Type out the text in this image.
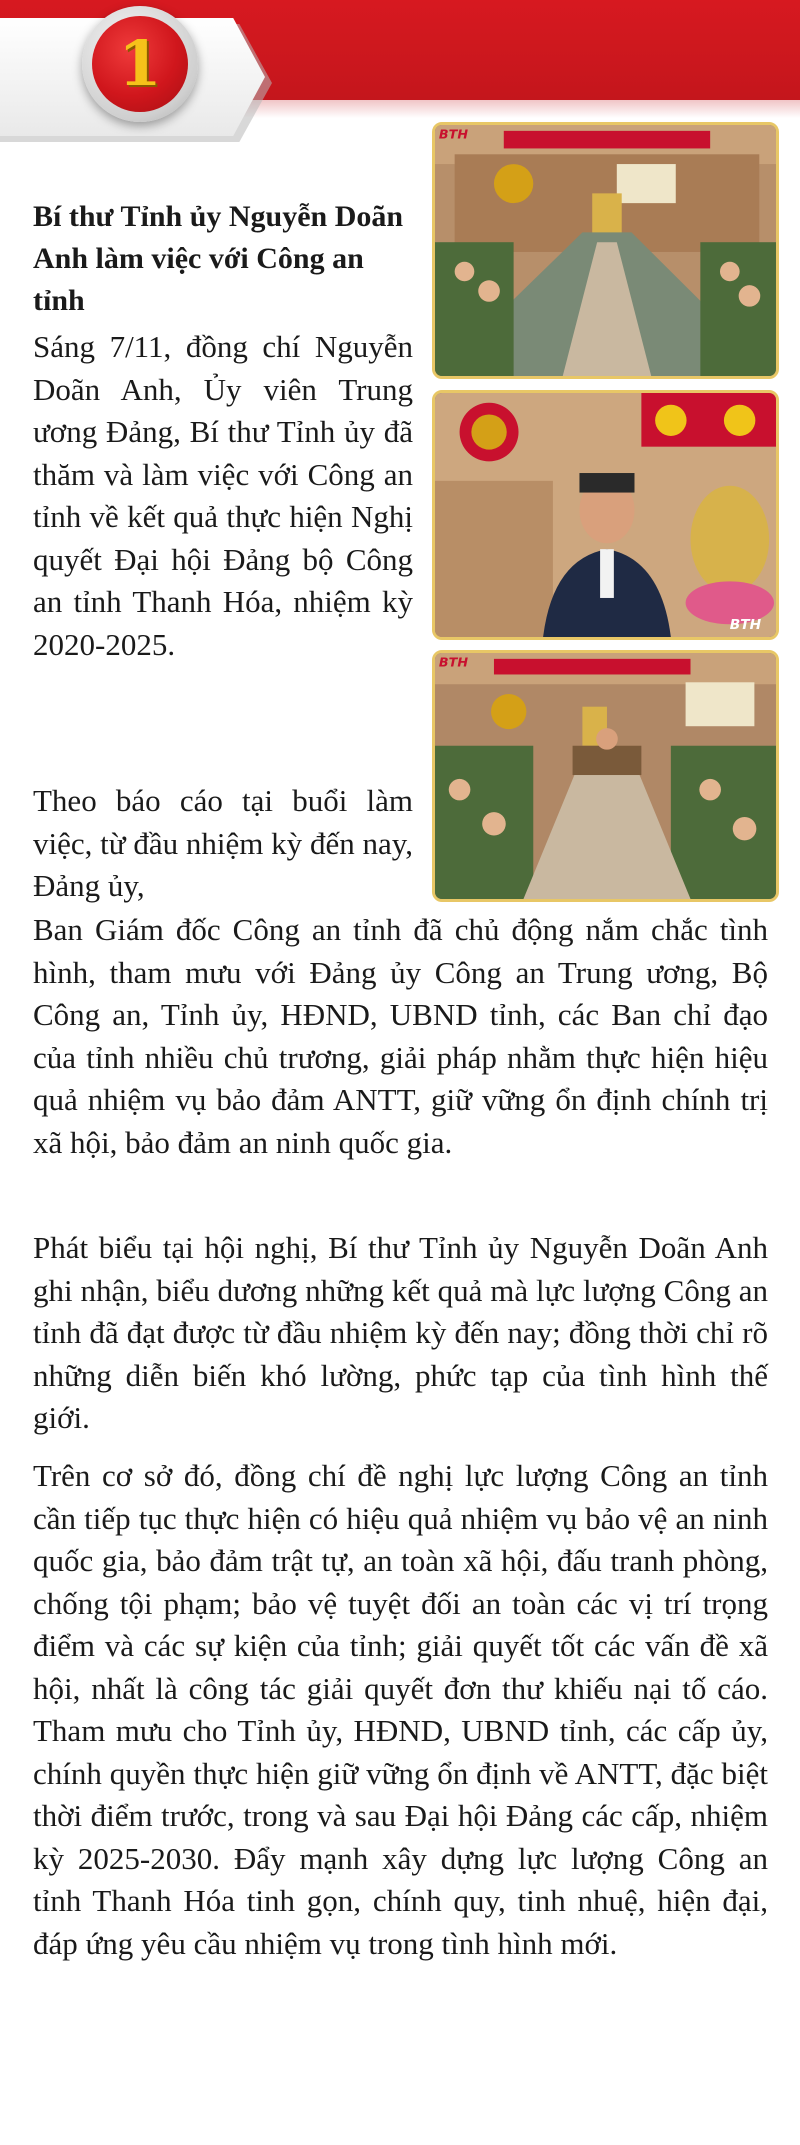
1
BTH
BTH
BTH
Bí thư Tỉnh ủy Nguyễn Doãn Anh làm việc với Công an tỉnh

Sáng 7/11, đồng chí Nguyễn Doãn Anh, Ủy viên Trung ương Đảng, Bí thư Tỉnh ủy đã thăm và làm việc với Công an tỉnh về kết quả thực hiện Nghị quyết Đại hội Đảng bộ Công an tỉnh Thanh Hóa, nhiệm kỳ 2020-2025.

Theo báo cáo tại buổi làm việc, từ đầu nhiệm kỳ đến nay, Đảng ủy,

Ban Giám đốc Công an tỉnh đã chủ động nắm chắc tình hình, tham mưu với Đảng ủy Công an Trung ương, Bộ Công an, Tỉnh ủy, HĐND, UBND tỉnh, các Ban chỉ đạo của tỉnh nhiều chủ trương, giải pháp nhằm thực hiện hiệu quả nhiệm vụ bảo đảm ANTT, giữ vững ổn định chính trị xã hội, bảo đảm an ninh quốc gia.

Phát biểu tại hội nghị, Bí thư Tỉnh ủy Nguyễn Doãn Anh ghi nhận, biểu dương những kết quả mà lực lượng Công an tỉnh đã đạt được từ đầu nhiệm kỳ đến nay; đồng thời chỉ rõ những diễn biến khó lường, phức tạp của tình hình thế giới.

Trên cơ sở đó, đồng chí đề nghị lực lượng Công an tỉnh cần tiếp tục thực hiện có hiệu quả nhiệm vụ bảo vệ an ninh quốc gia, bảo đảm trật tự, an toàn xã hội, đấu tranh phòng, chống tội phạm; bảo vệ tuyệt đối an toàn các vị trí trọng điểm và các sự kiện của tỉnh; giải quyết tốt các vấn đề xã hội, nhất là công tác giải quyết đơn thư khiếu nại tố cáo. Tham mưu cho Tỉnh ủy, HĐND, UBND tỉnh, các cấp ủy, chính quyền thực hiện giữ vững ổn định về ANTT, đặc biệt thời điểm trước, trong và sau Đại hội Đảng các cấp, nhiệm kỳ 2025-2030. Đẩy mạnh xây dựng lực lượng Công an tỉnh Thanh Hóa tinh gọn, chính quy, tinh nhuệ, hiện đại, đáp ứng yêu cầu nhiệm vụ trong tình hình mới.
